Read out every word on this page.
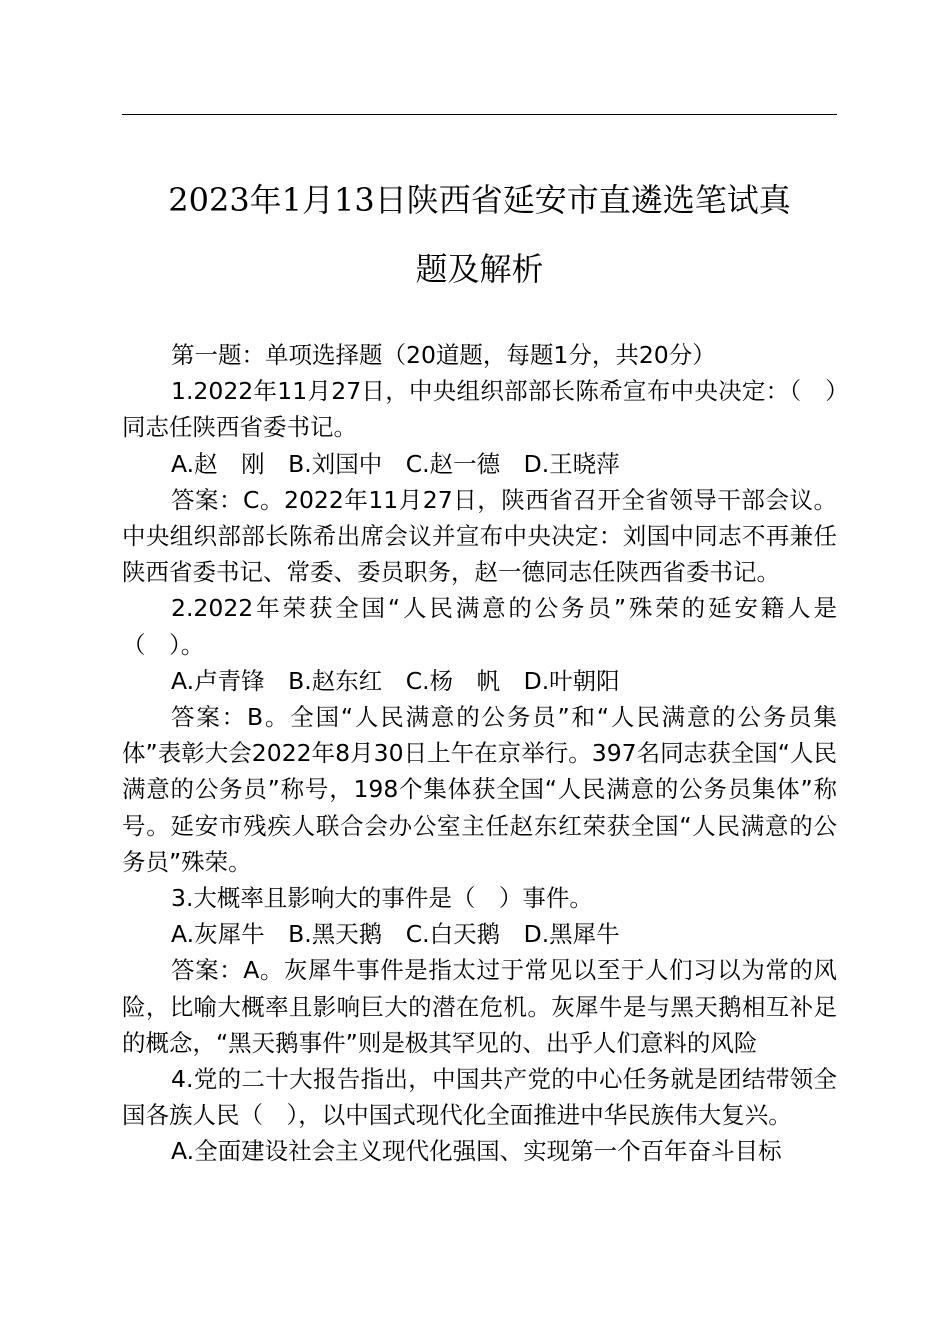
2023年1月13日陕西省延安市直遴选笔试真
题及解析
第一题：单项选择题（20道题，每题1分，共20分）
1.2022年11月27日，中央组织部部长陈希宣布中央决定：（　）同志任陕西省委书记。
A.赵　刚　B.刘国中　C.赵一德　D.王晓萍
答案：C。2022年11月27日，陕西省召开全省领导干部会议。中央组织部部长陈希出席会议并宣布中央决定：刘国中同志不再兼任陕西省委书记、常委、委员职务，赵一德同志任陕西省委书记。
2.2022年荣获全国“人民满意的公务员”殊荣的延安籍人是（　）。
A.卢青锋　B.赵东红　C.杨　帆　D.叶朝阳
答案：B。全国“人民满意的公务员”和“人民满意的公务员集体”表彰大会2022年8月30日上午在京举行。397名同志获全国“人民满意的公务员”称号，198个集体获全国“人民满意的公务员集体”称号。延安市残疾人联合会办公室主任赵东红荣获全国“人民满意的公务员”殊荣。
3.大概率且影响大的事件是（　）事件。
A.灰犀牛　B.黑天鹅　C.白天鹅　D.黑犀牛
答案：A。灰犀牛事件是指太过于常见以至于人们习以为常的风险，比喻大概率且影响巨大的潜在危机。灰犀牛是与黑天鹅相互补足的概念，“黑天鹅事件”则是极其罕见的、出乎人们意料的风险
4.党的二十大报告指出，中国共产党的中心任务就是团结带领全国各族人民（　），以中国式现代化全面推进中华民族伟大复兴。
A.全面建设社会主义现代化强国、实现第一个百年奋斗目标
